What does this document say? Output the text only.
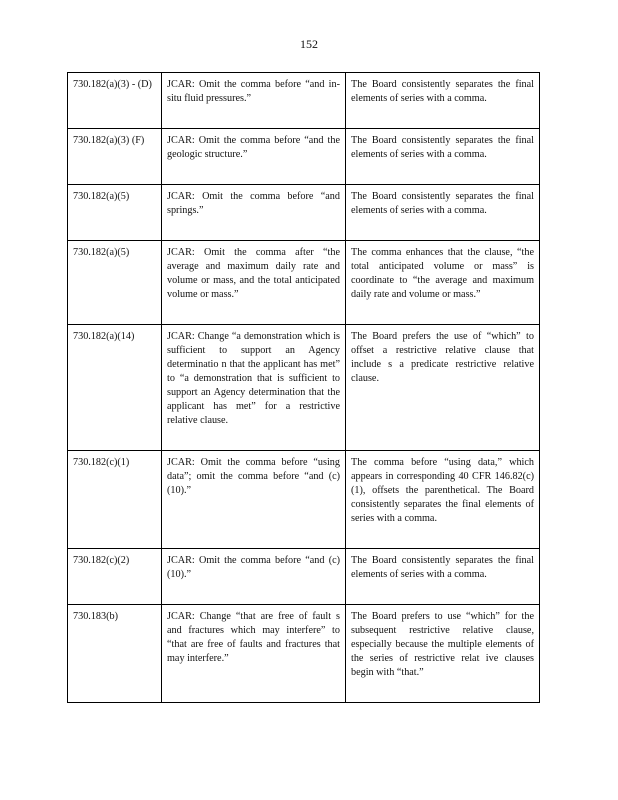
152
730.182(a)(3) - (D)	JCAR: Omit the comma before “and in-situ fluid pressures.”	The Board consistently separates the final elements of series with a comma.
730.182(a)(3) (F)	JCAR: Omit the comma before “and the geologic structure.”	The Board consistently separates the final elements of series with a comma.
730.182(a)(5)	JCAR: Omit the comma before “and springs.”	The Board consistently separates the final elements of series with a comma.
730.182(a)(5)	JCAR: Omit the comma after “the average and maximum daily rate and volume or mass, and the total anticipated volume or mass.”	The comma enhances that the clause, “the total anticipated volume or mass” is coordinate to “the average and maximum daily rate and volume or mass.”
730.182(a)(14)	JCAR: Change “a demonstration which is sufficient to support an Agency determinatio n that the applicant has met” to “a demonstration that is sufficient to support an Agency determination that the applicant has met” for a restrictive relative clause.	The Board prefers the use of “which” to offset a restrictive relative clause that include s a predicate restrictive relative clause.
730.182(c)(1)	JCAR: Omit the comma before “using data”; omit the comma before “and (c)(10).”	The comma before “using data,” which appears in corresponding 40 CFR 146.82(c)(1), offsets the parenthetical. The Board consistently separates the final elements of series with a comma.
730.182(c)(2)	JCAR: Omit the comma before “and (c)(10).”	The Board consistently separates the final elements of series with a comma.
730.183(b)	JCAR: Change “that are free of fault s and fractures which may interfere” to “that are free of faults and fractures that may interfere.”	The Board prefers to use “which” for the subsequent restrictive relative clause, especially because the multiple elements of the series of restrictive relat ive clauses begin with “that.”
